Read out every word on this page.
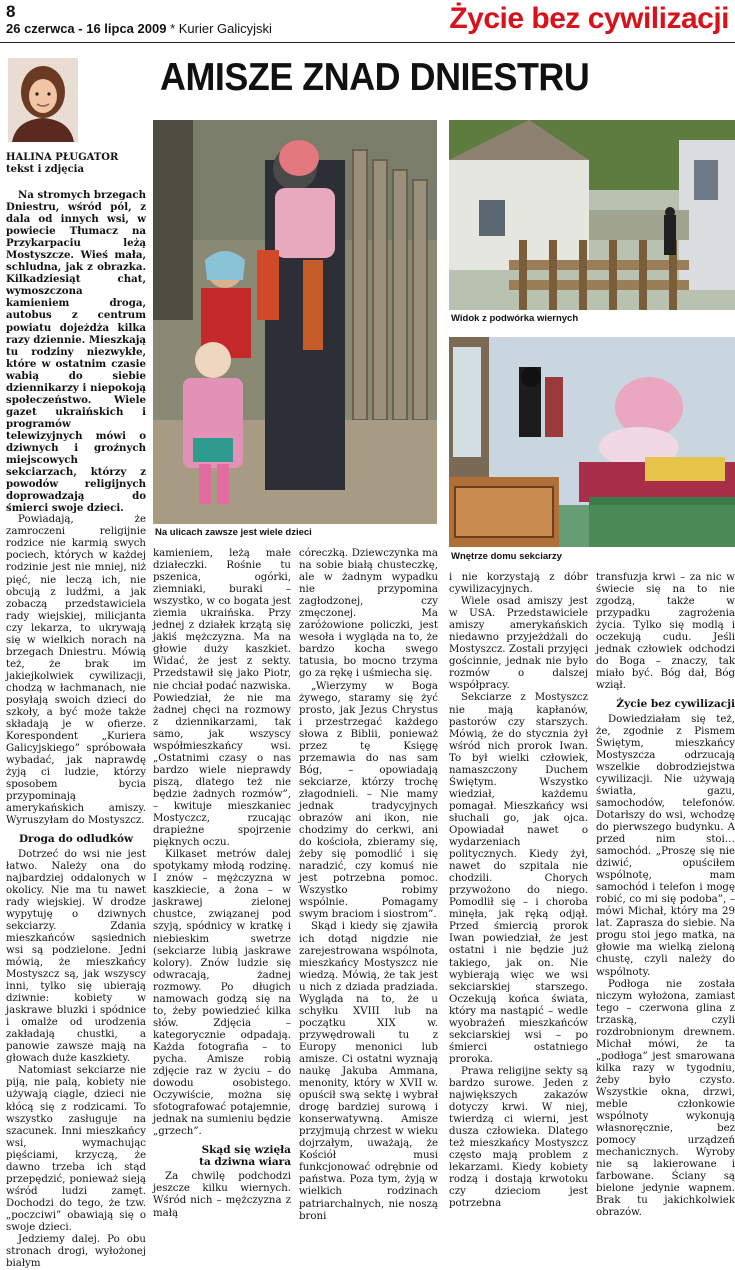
8
26 czerwca - 16 lipca 2009 * Kurier Galicyjski	Życie bez cywilizacji
AMISZE ZNAD DNIESTRU
HALINA PŁUGATOR
tekst i zdjęcia

Na stromych brzegach Dniestru, wśród pól, z dala od innych wsi, w powiecie Tłumacz na Przykarpaciu leżą Mostyszcze. Wieś mała, schludna, jak z obrazka. Kilkadziesiąt chat, wymoszczona kamieniem droga, autobus z centrum powiatu dojeżdża kilka razy dziennie. Mieszkają tu rodziny niezwykłe, które w ostatnim czasie wabią do siebie dziennikarzy i niepokoją społeczeństwo. Wiele gazet ukraińskich i programów telewizyjnych mówi o dziwnych i groźnych miejscowych sekciarzach, którzy z powodów religijnych doprowadzają do śmierci swoje dzieci.

Powiadają, że zamroczeni religijnie rodzice nie karmią swych pociech, których w każdej rodzinie jest nie mniej, niż pięć, nie leczą ich, nie obcują z ludźmi, a jak zobaczą przedstawiciela rady wiejskiej, milicjanta czy lekarza, to ukrywają się w wielkich norach na brzegach Dniestru. Mówią też, że brak im jakiejkolwiek cywilizacji, chodzą w łachmanach, nie posyłają swoich dzieci do szkoły, a być może także składają je w ofierze. Korespondent „Kuriera Galicyjskiego” spróbowała wybadać, jak naprawdę żyją ci ludzie, którzy sposobem bycia przypominają amerykańskich amiszy. Wyruszyłam do Mostyszcz.

Droga do odludków

Dotrzeć do wsi nie jest łatwo. Należy ona do najbardziej oddalonych w okolicy. Nie ma tu nawet rady wiejskiej. W drodze wypytuję o dziwnych sekciarzy. Zdania mieszkańców sąsiednich wsi są podzielone. Jedni mówią, że mieszkańcy Mostyszcz są, jak wszyscy inni, tylko się ubierają dziwnie: kobiety w jaskrawe bluzki i spódnice i omalże od urodzenia zakładają chustki, a panowie zawsze mają na głowach duże kaszkiety.

Natomiast sekciarze nie piją, nie palą, kobiety nie używają ciągle, dzieci nie kłócą się z rodzicami. To wszystko zasługuje na szacunek. Inni mieszkańcy wsi, wymachując pięściami, krzyczą, że dawno trzeba ich stąd przepędzić, ponieważ sieją wśród ludzi zamęt. Dochodzi do tego, że tzw. „poczciwi” obawiają się o swoje dzieci.

Jedziemy dalej. Po obu stronach drogi, wyłożonej białym

Na ulicach zawsze jest wiele dzieci
Widok z podwórka wiernych
Wnętrze domu sekciarzy

kamieniem, leżą małe działeczki. Rośnie tu pszenica, ogórki, ziemniaki, buraki – wszystko, w co bogata jest ziemia ukraińska. Przy jednej z działek krzątą się jakiś mężczyzna. Ma na głowie duży kaszkiet. Widać, że jest z sekty. Przedstawił się jako Piotr, nie chciał podać nazwiska. Powiedział, że nie ma żadnej chęci na rozmowy z dziennikarzami, tak samo, jak wszyscy współmieszkańcy wsi. „Ostatnimi czasy o nas bardzo wiele nieprawdy piszą, dlatego też nie będzie żadnych rozmów”, – kwituje mieszkaniec Mostyczcz, rzucając drapieżne spojrzenie pięknych oczu.

Kilkaset metrów dalej spotykamy młodą rodzinę. I znów – mężczyzna w kaszkiecie, a żona – w jaskrawej zielonej chustce, związanej pod szyją, spódnicy w kratkę i niebieskim swetrze (sekciarze lubią jaskrawe kolory). Znów ludzie się odwracają, żadnej rozmowy. Po długich namowach godzą się na to, żeby powiedzieć kilka słów. Zdjęcia – kategorycznie odpadają. Każda fotografia – to pycha. Amisze robią zdjęcie raz w życiu – do dowodu osobistego. Oczywiście, można się sfotografować potajemnie, jednak na sumieniu będzie „grzech”.

Skąd się wzięła
ta dziwna wiara

Za chwilę podchodzi jeszcze kilku wiernych. Wśród nich – mężczyzna z małą

córeczką. Dziewczynka ma na sobie białą chusteczkę, ale w żadnym wypadku nie przypomina zagłodzonej, czy zmęczonej. Ma zaróżowione policzki, jest wesoła i wygląda na to, że bardzo kocha swego tatusia, bo mocno trzyma go za rękę i uśmiecha się.

„Wierzymy w Boga żywego, staramy się żyć prosto, jak Jezus Chrystus i przestrzegać każdego słowa z Biblii, ponieważ przez tę Księgę przemawia do nas sam Bóg, – opowiadają sekciarze, którzy trochę złagodnieli. – Nie mamy jednak tradycyjnych obrazów ani ikon, nie chodzimy do cerkwi, ani do kościoła, zbieramy się, żeby się pomodlić i się naradzić, czy komuś nie jest potrzebna pomoc. Wszystko robimy wspólnie. Pomagamy swym braciom i siostrom”.

Skąd i kiedy się zjawiła ich dotąd nigdzie nie zarejestrowana wspólnota, mieszkańcy Mostyszcz nie wiedzą. Mówią, że tak jest u nich z dziada pradziada. Wygląda na to, że u schyłku XVIII lub na początku XIX w. przywędrowali tu z Europy menonici lub amisze. Ci ostatni wyznają naukę Jakuba Ammana, menonity, który w XVII w. opuścił swą sektę i wybrał drogę bardziej surową i konserwatywną. Amisze przyjmują chrzest w wieku dojrzałym, uważają, że Kościół musi funkcjonować odrębnie od państwa. Poza tym, żyją w wielkich rodzinach patriarchalnych, nie noszą broni

i nie korzystają z dóbr cywilizacyjnych.

Wiele osad amiszy jest w USA. Przedstawiciele amiszy amerykańskich niedawno przyjeżdżali do Mostyszcz. Zostali przyjęci gościnnie, jednak nie było rozmów o dalszej współpracy.

Sekciarze z Mostyszcz nie mają kapłanów, pastorów czy starszych. Mówią, że do stycznia żył wśród nich prorok Iwan. To był wielki człowiek, namaszczony Duchem Świętym. Wszystko wiedział, każdemu pomagał. Mieszkańcy wsi słuchali go, jak ojca. Opowiadał nawet o wydarzeniach politycznych. Kiedy żył, nawet do szpitala nie chodzili. Chorych przywożono do niego. Pomodlił się – i choroba minęła, jak ręką odjął. Przed śmiercią prorok Iwan powiedział, że jest ostatni i nie będzie już takiego, jak on. Nie wybierają więc we wsi sekciarskiej starszego. Oczekują końca świata, który ma nastąpić – wedle wyobrażeń mieszkańców sekciarskiej wsi – po śmierci ostatniego proroka.

Prawa religijne sekty są bardzo surowe. Jeden z największych zakazów dotyczy krwi. W niej, twierdzą ci wierni, jest dusza człowieka. Dlatego też mieszkańcy Mostyszcz często mają problem z lekarzami. Kiedy kobiety rodzą i dostają krwotoku czy dzieciom jest potrzebna

transfuzja krwi – za nic w świecie się na to nie zgodzą, także w przypadku zagrożenia życia. Tylko się modlą i oczekują cudu. Jeśli jednak człowiek odchodzi do Boga – znaczy, tak miało być. Bóg dał, Bóg wziął.

Życie bez cywilizacji

Dowiedziałam się też, że, zgodnie z Pismem Świętym, mieszkańcy Mostyszcza odrzucają wszelkie dobrodziejstwa cywilizacji. Nie używają światła, gazu, samochodów, telefonów. Dotarłszy do wsi, wchodzę do pierwszego budynku. A przed nim stoi… samochód. „Proszę się nie dziwić, opuściłem wspólnotę, mam samochód i telefon i mogę robić, co mi się podoba”, – mówi Michał, który ma 29 lat. Zaprasza do siebie. Na progu stoi jego matka, na głowie ma wielką zieloną chustę, czyli należy do wspólnoty.

Podłoga nie została niczym wyłożona, zamiast tego – czerwona glina z trzaską, czyli rozdrobnionym drewnem. Michał mówi, że ta „podłoga” jest smarowana kilka razy w tygodniu, żeby było czysto. Wszystkie okna, drzwi, meble członkowie wspólnoty wykonują własnoręcznie, bez pomocy urządzeń mechanicznych. Wyroby nie są lakierowane i farbowane. Ściany są bielone jedynie wapnem. Brak tu jakichkolwiek obrazów.
